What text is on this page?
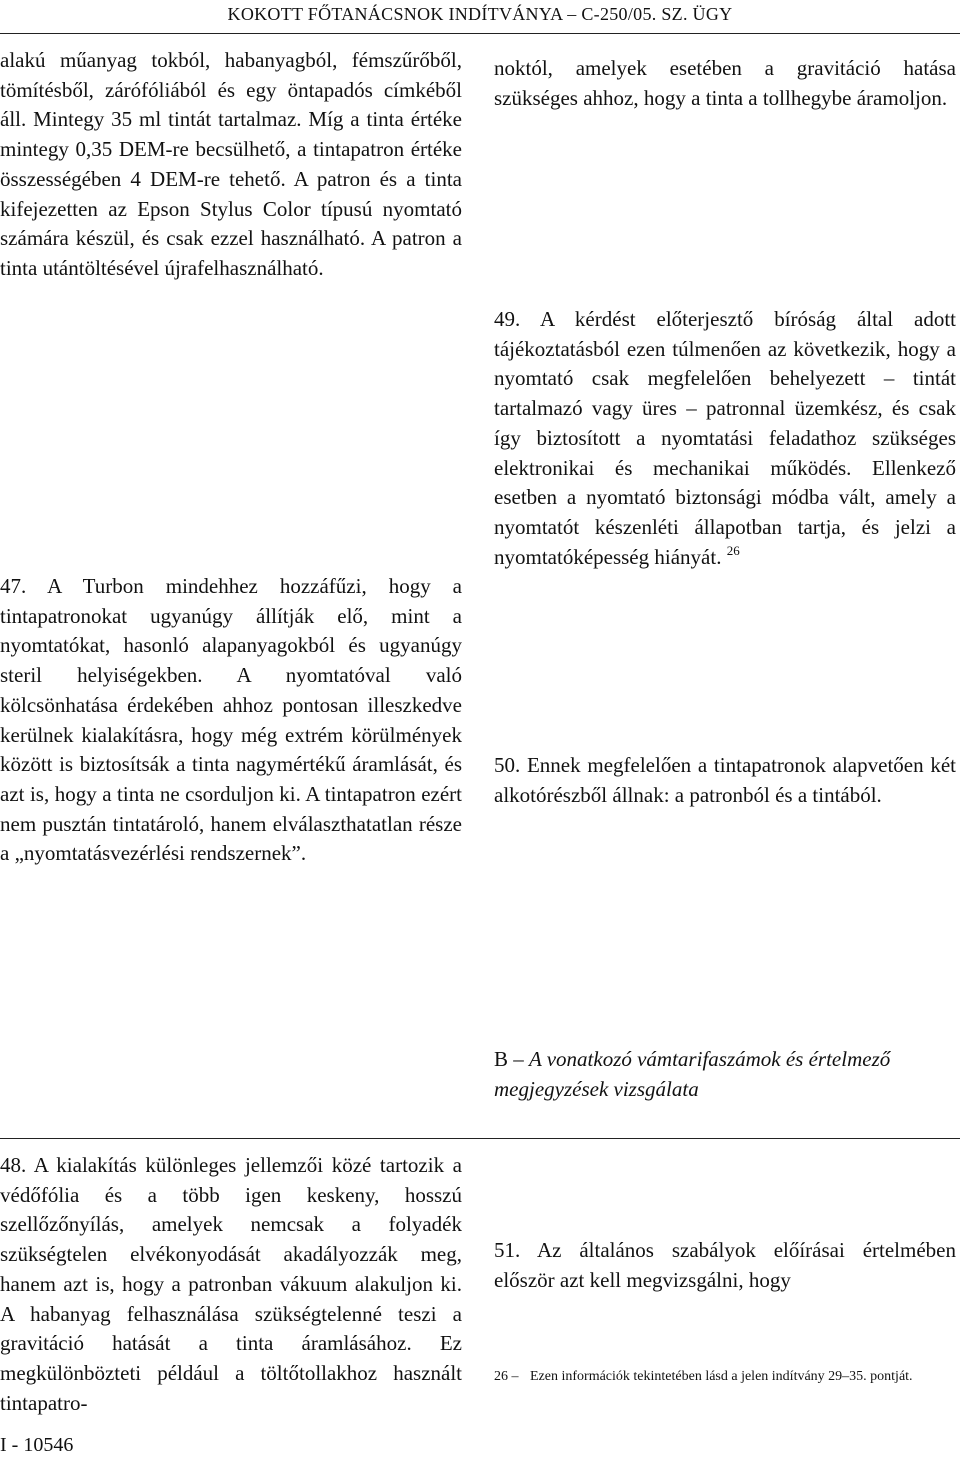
KOKOTT FŐTANÁCSNOK INDÍTVÁNYA – C-250/05. SZ. ÜGY

alakú műanyag tokból, habanyagból, fémszűrőből, tömítésből, zárófóliából és egy öntapadós címkéből áll. Mintegy 35 ml tintát tartalmaz. Míg a tinta értéke mintegy 0,35 DEM-re becsülhető, a tintapatron értéke összességében 4 DEM-re tehető. A patron és a tinta kifejezetten az Epson Stylus Color típusú nyomtató számára készül, és csak ezzel használható. A patron a tinta utántöltésével újrafelhasználható.

47. A Turbon mindehhez hozzáfűzi, hogy a tintapatronokat ugyanúgy állítják elő, mint a nyomtatókat, hasonló alapanyagokból és ugyanúgy steril helyiségekben. A nyomtatóval való kölcsönhatása érdekében ahhoz pontosan illeszkedve kerülnek kialakításra, hogy még extrém körülmények között is biztosítsák a tinta nagymértékű áramlását, és azt is, hogy a tinta ne csorduljon ki. A tintapatron ezért nem pusztán tintatároló, hanem elválaszthatatlan része a „nyomtatásvezérlési rendszernek”.

48. A kialakítás különleges jellemzői közé tartozik a védőfólia és a több igen keskeny, hosszú szellőzőnyílás, amelyek nemcsak a folyadék szükségtelen elvékonyodását akadályozzák meg, hanem azt is, hogy a patronban vákuum alakuljon ki. A habanyag felhasználása szükségtelenné teszi a gravitáció hatását a tinta áramlásához. Ez megkülönbözteti például a töltőtollakhoz használt tintapatro-

noktól, amelyek esetében a gravitáció hatása szükséges ahhoz, hogy a tinta a tollhegybe áramoljon.

49. A kérdést előterjesztő bíróság által adott tájékoztatásból ezen túlmenően az következik, hogy a nyomtató csak megfelelően behelyezett – tintát tartalmazó vagy üres – patronnal üzemkész, és csak így biztosított a nyomtatási feladathoz szükséges elektronikai és mechanikai működés. Ellenkező esetben a nyomtató biztonsági módba vált, amely a nyomtatót készenléti állapotban tartja, és jelzi a nyomtatóképesség hiányát. $^{26}$

50. Ennek megfelelően a tintapatronok alapvetően két alkotórészből állnak: a patronból és a tintából.

B – A vonatkozó vámtarifaszámok és értelmező megjegyzések vizsgálata

51. Az általános szabályok előírásai értelmében először azt kell megvizsgálni, hogy

26 – Ezen információk tekintetében lásd a jelen indítvány 29–35. pontját.
I - 10546
